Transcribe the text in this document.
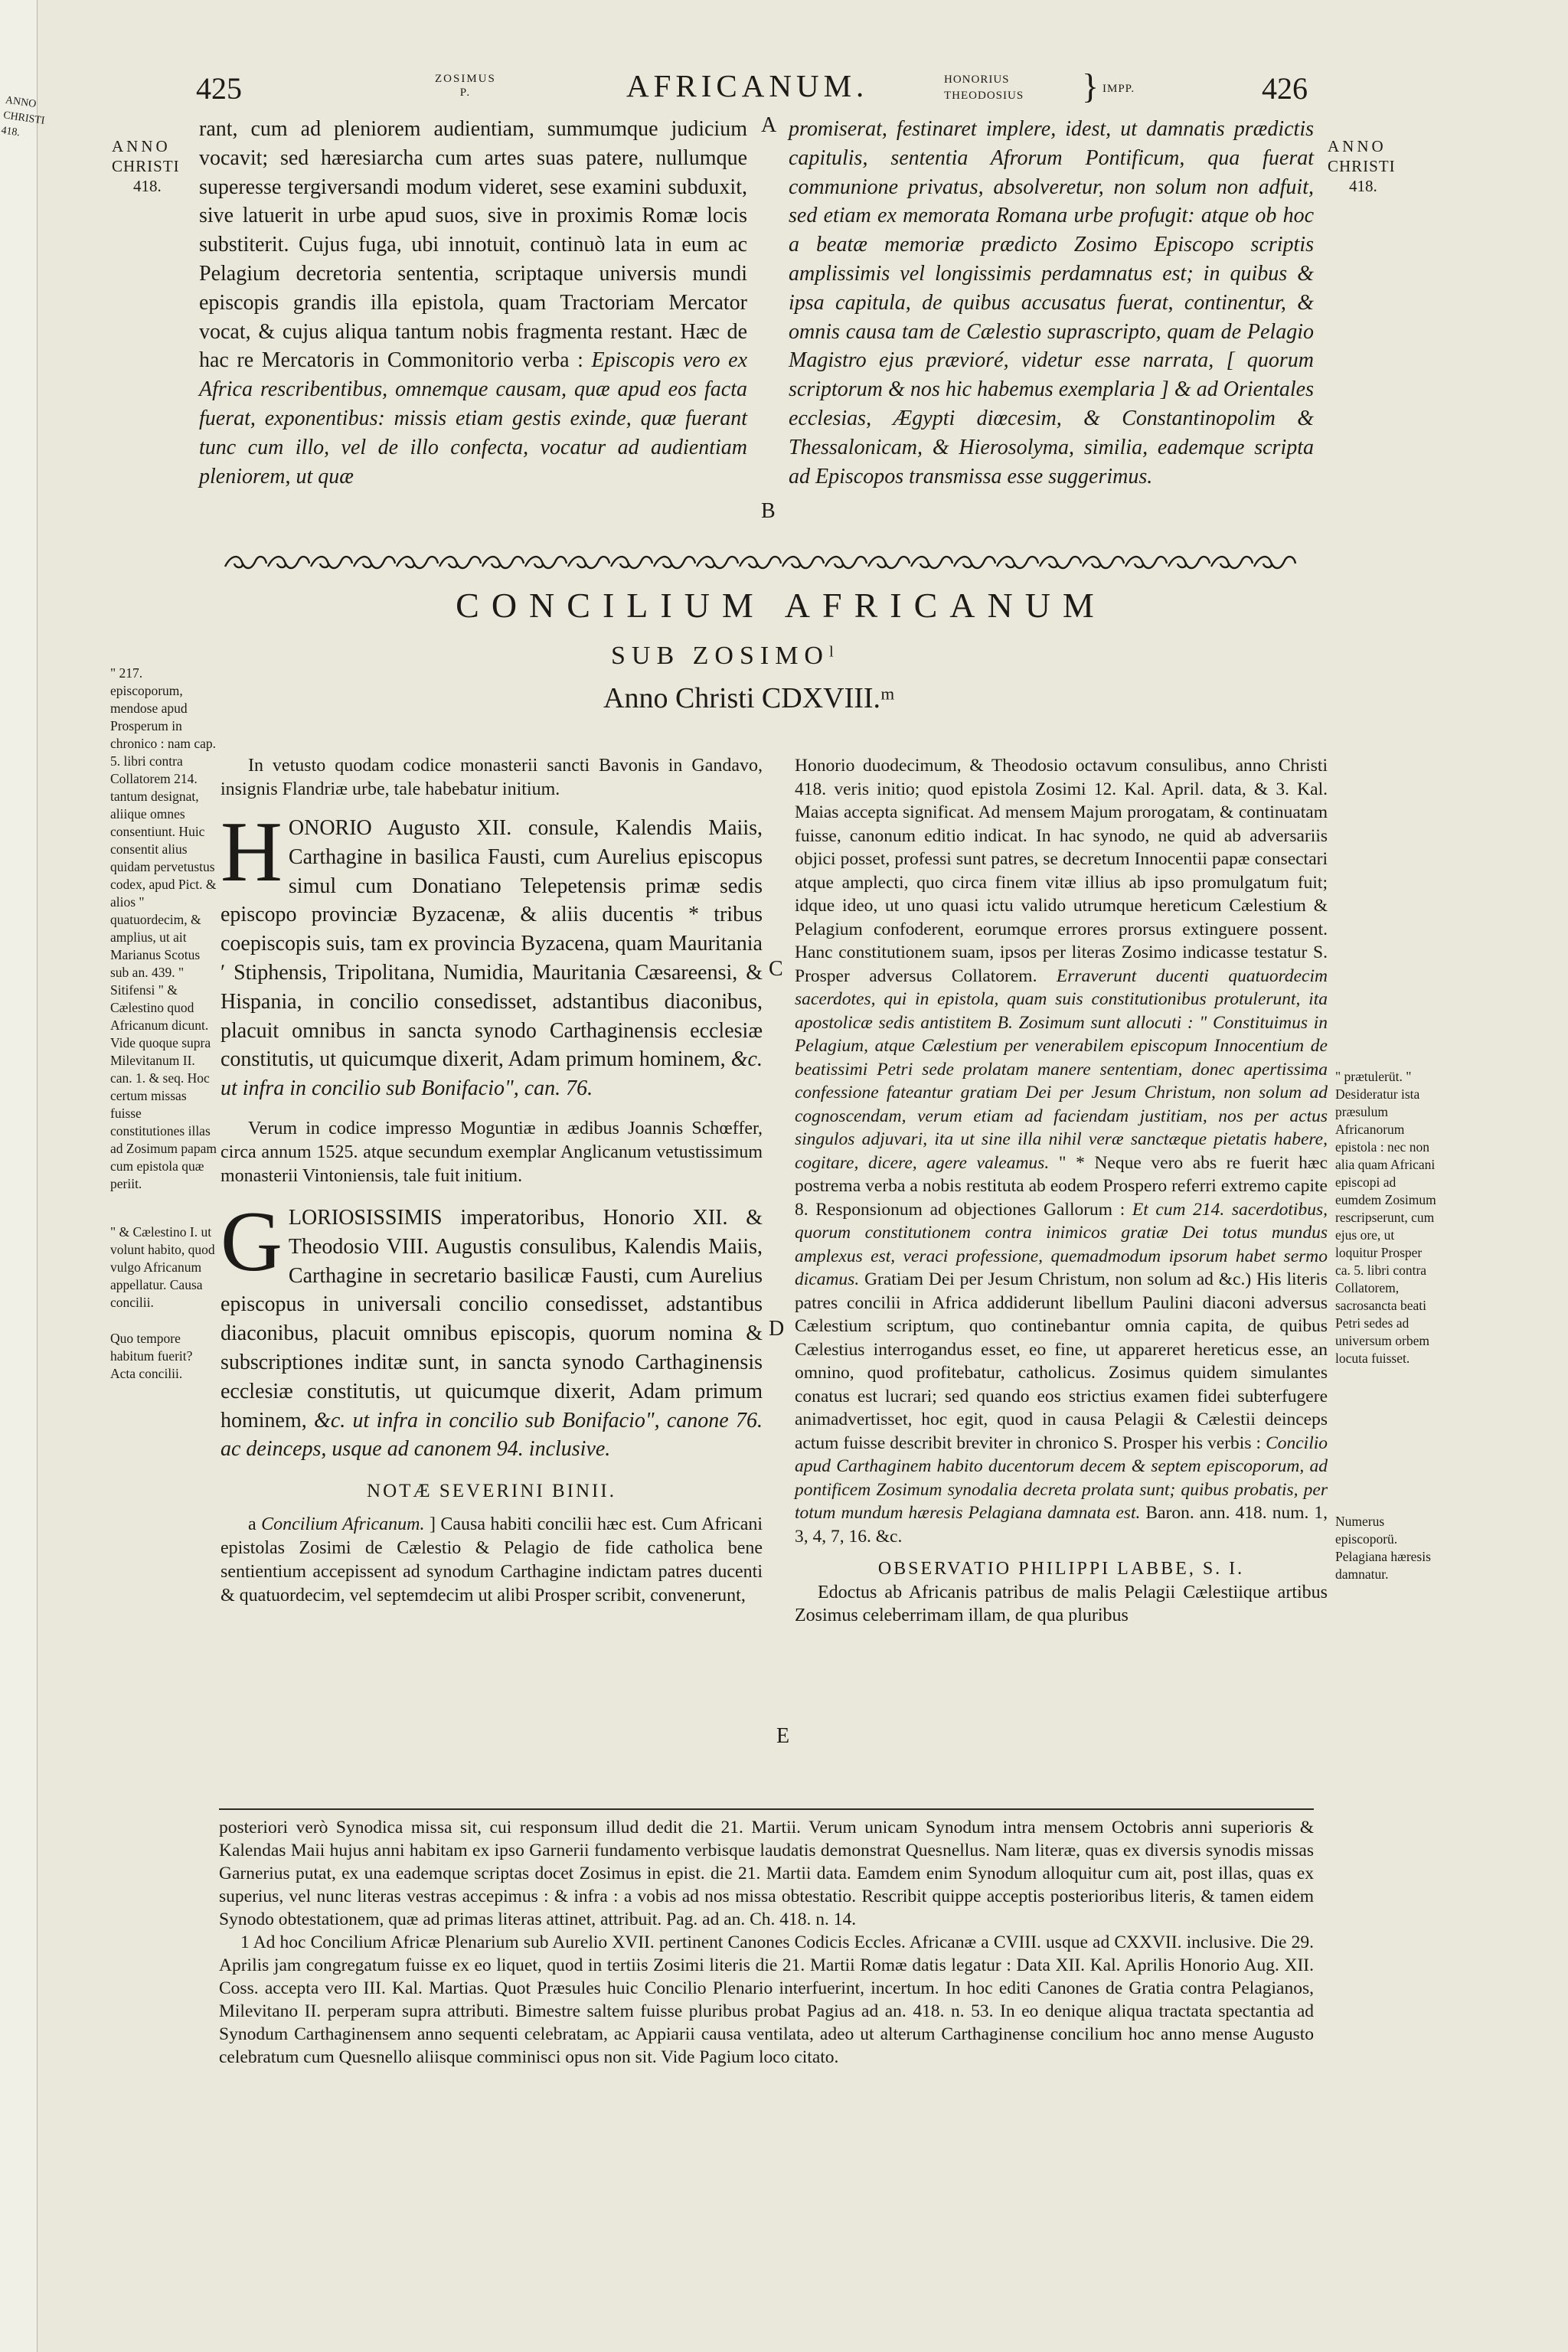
ANNO
CHRISTI
418.
425	ZOSIMUS
P.	AFRICANUM.	HONORIUS
THEODOSIUS } IMPP.	426
ANNO
CHRISTI
418.
ANNO
CHRISTI
418.
rant, cum ad pleniorem audientiam, summumque judicium vocavit; sed hæresiarcha cum artes suas patere, nullumque superesse tergiversandi modum videret, sese examini subduxit, sive latuerit in urbe apud suos, sive in proximis Romæ locis substiterit. Cujus fuga, ubi innotuit, continuò lata in eum ac Pelagium decretoria sententia, scriptaque universis mundi episcopis grandis illa epistola, quam Tractoriam Mercator vocat, & cujus aliqua tantum nobis fragmenta restant. Hæc de hac re Mercatoris in Commonitorio verba : Episcopis vero ex Africa rescribentibus, omnemque causam, quæ apud eos facta fuerat, exponentibus: missis etiam gestis exinde, quæ fuerant tunc cum illo, vel de illo confecta, vocatur ad audientiam pleniorem, ut quæ
promiserat, festinaret implere, idest, ut damnatis prædictis capitulis, sententia Afrorum Pontificum, qua fuerat communione privatus, absolveretur, non solum non adfuit, sed etiam ex memorata Romana urbe profugit: atque ob hoc a beatæ memoriæ prædicto Zosimo Episcopo scriptis amplissimis vel longissimis perdamnatus est; in quibus & ipsa capitula, de quibus accusatus fuerat, continentur, & omnis causa tam de Cælestio suprascripto, quam de Pelagio Magistro ejus prævioré, videtur esse narrata, [ quorum scriptorum & nos hic habemus exemplaria ] & ad Orientales ecclesias, Ægypti diœcesim, & Constantinopolim & Thessalonicam, & Hierosolyma, similia, eademque scripta ad Episcopos transmissa esse suggerimus.
A
B
CONCILIUM AFRICANUM
SUB ZOSIMOˡ
Anno Christi CDXVIII.ᵐ
In vetusto quodam codice monasterii sancti Bavonis in Gandavo, insignis Flandriæ urbe, tale habebatur initium.
H ONORIO Augusto XII. consule, Kalendis Maiis, Carthagine in basilica Fausti, cum Aurelius episcopus simul cum Donatiano Telepetensis primæ sedis episcopo provinciæ Byzacenæ, & aliis ducentis * tribus coepiscopis suis, tam ex provincia Byzacena, quam Mauritania ʹ Stiphensis, Tripolitana, Numidia, Mauritania Cæsareensi, & Hispania, in concilio consedisset, adstantibus diaconibus, placuit omnibus in sancta synodo Carthaginensis ecclesiæ constitutis, ut quicumque dixerit, Adam primum hominem, &c. ut infra in concilio sub Bonifacio", can. 76.
Verum in codice impresso Moguntiæ in ædibus Joannis Schœffer, circa annum 1525. atque secundum exemplar Anglicanum vetustissimum monasterii Vintoniensis, tale fuit initium.
G LORIOSISSIMIS imperatoribus, Honorio XII. & Theodosio VIII. Augustis consulibus, Kalendis Maiis, Carthagine in secretario basilicæ Fausti, cum Aurelius episcopus in universali concilio consedisset, adstantibus diaconibus, placuit omnibus episcopis, quorum nomina & subscriptiones inditæ sunt, in sancta synodo Carthaginensis ecclesiæ constitutis, ut quicumque dixerit, Adam primum hominem, &c. ut infra in concilio sub Bonifacio", canone 76. ac deinceps, usque ad canonem 94. inclusive.
NOTÆ SEVERINI BINII.
a Concilium Africanum. ] Causa habiti concilii hæc est. Cum Africani epistolas Zosimi de Cælestio & Pelagio de fide catholica bene sentientium accepissent ad synodum Carthagine indictam patres ducenti & quatuordecim, vel septemdecim ut alibi Prosper scribit, convenerunt,
C
D
E
Honorio duodecimum, & Theodosio octavum consulibus, anno Christi 418. veris initio; quod epistola Zosimi 12. Kal. April. data, & 3. Kal. Maias accepta significat. Ad mensem Majum prorogatam, & continuatam fuisse, canonum editio indicat. In hac synodo, ne quid ab adversariis objici posset, professi sunt patres, se decretum Innocentii papæ consectari atque amplecti, quo circa finem vitæ illius ab ipso promulgatum fuit; idque ideo, ut uno quasi ictu valido utrumque hereticum Cælestium & Pelagium confoderent, eorumque errores prorsus extinguere possent. Hanc constitutionem suam, ipsos per literas Zosimo indicasse testatur S. Prosper adversus Collatorem. Erraverunt ducenti quatuordecim sacerdotes, qui in epistola, quam suis constitutionibus protulerunt, ita apostolicæ sedis antistitem B. Zosimum sunt allocuti : " Constituimus in Pelagium, atque Cælestium per venerabilem episcopum Innocentium de beatissimi Petri sede prolatam manere sententiam, donec apertissima confessione fateantur gratiam Dei per Jesum Christum, non solum ad cognoscendam, verum etiam ad faciendam justitiam, nos per actus singulos adjuvari, ita ut sine illa nihil veræ sanctæque pietatis habere, cogitare, dicere, agere valeamus. " * Neque vero abs re fuerit hæc postrema verba a nobis restituta ab eodem Prospero referri extremo capite 8. Responsionum ad objectiones Gallorum : Et cum 214. sacerdotibus, quorum constitutionem contra inimicos gratiæ Dei totus mundus amplexus est, veraci professione, quemadmodum ipsorum habet sermo dicamus. Gratiam Dei per Jesum Christum, non solum ad &c.) His literis patres concilii in Africa addiderunt libellum Paulini diaconi adversus Cælestium scriptum, quo continebantur omnia capita, de quibus Cælestius interrogandus esset, eo fine, ut appareret hereticus esse, an omnino, quod profitebatur, catholicus. Zosimus quidem simulantes conatus est lucrari; sed quando eos strictius examen fidei subterfugere animadvertisset, hoc egit, quod in causa Pelagii & Cælestii deinceps actum fuisse describit breviter in chronico S. Prosper his verbis : Concilio apud Carthaginem habito ducentorum decem & septem episcoporum, ad pontificem Zosimum synodalia decreta prolata sunt; quibus probatis, per totum mundum hæresis Pelagiana damnata est. Baron. ann. 418. num. 1, 3, 4, 7, 16. &c.
OBSERVATIO PHILIPPI LABBE, S. I.
Edoctus ab Africanis patribus de malis Pelagii Cælestiique artibus Zosimus celeberrimam illam, de qua pluribus
posteriori verò Synodica missa sit, cui responsum illud dedit die 21. Martii. Verum unicam Synodum intra mensem Octobris anni superioris & Kalendas Maii hujus anni habitam ex ipso Garnerii fundamento verbisque laudatis demonstrat Quesnellus. Nam literæ, quas ex diversis synodis missas Garnerius putat, ex una eademque scriptas docet Zosimus in epist. die 21. Martii data. Eamdem enim Synodum alloquitur cum ait, post illas, quas ex superius, vel nunc literas vestras accepimus : & infra : a vobis ad nos missa obtestatio. Rescribit quippe acceptis posterioribus literis, & tamen eidem Synodo obtestationem, quæ ad primas literas attinet, attribuit. Pag. ad an. Ch. 418. n. 14.
1 Ad hoc Concilium Africæ Plenarium sub Aurelio XVII. pertinent Canones Codicis Eccles. Africanæ a CVIII. usque ad CXXVII. inclusive. Die 29. Aprilis jam congregatum fuisse ex eo liquet, quod in tertiis Zosimi literis die 21. Martii Romæ datis legatur : Data XII. Kal. Aprilis Honorio Aug. XII. Coss. accepta vero III. Kal. Martias. Quot Præsules huic Concilio Plenario interfuerint, incertum. In hoc editi Canones de Gratia contra Pelagianos, Milevitano II. perperam supra attributi. Bimestre saltem fuisse pluribus probat Pagius ad an. 418. n. 53. In eo denique aliqua tractata spectantia ad Synodum Carthaginensem anno sequenti celebratam, ac Appiarii causa ventilata, adeo ut alterum Carthaginense concilium hoc anno mense Augusto celebratum cum Quesnello aliisque comminisci opus non sit. Vide Pagium loco citato.

" 217. episcoporum, mendose apud Prosperum in chronico : nam cap. 5. libri contra Collatorem 214. tantum designat, aliique omnes consentiunt. Huic consentit alius quidam pervetustus codex, apud Pict. & alios " quatuordecim, & amplius, ut ait Marianus Scotus sub an. 439. " Sitifensi " & Cælestino quod Africanum dicunt. Vide quoque supra Milevitanum II. can. 1. & seq. Hoc certum missas fuisse constitutiones illas ad Zosimum papam cum epistola quæ periit.

" & Cælestino I. ut volunt habito, quod vulgo Africanum appellatur. Causa concilii.

Quo tempore habitum fuerit? Acta concilii.

" prætulerüt. " Desideratur ista præsulum Africanorum epistola : nec non alia quam Africani episcopi ad eumdem Zosimum rescripserunt, cum ejus ore, ut loquitur Prosper ca. 5. libri contra Collatorem, sacrosancta beati Petri sedes ad universum orbem locuta fuisset.

Numerus episcoporü. Pelagiana hæresis damnatur.
